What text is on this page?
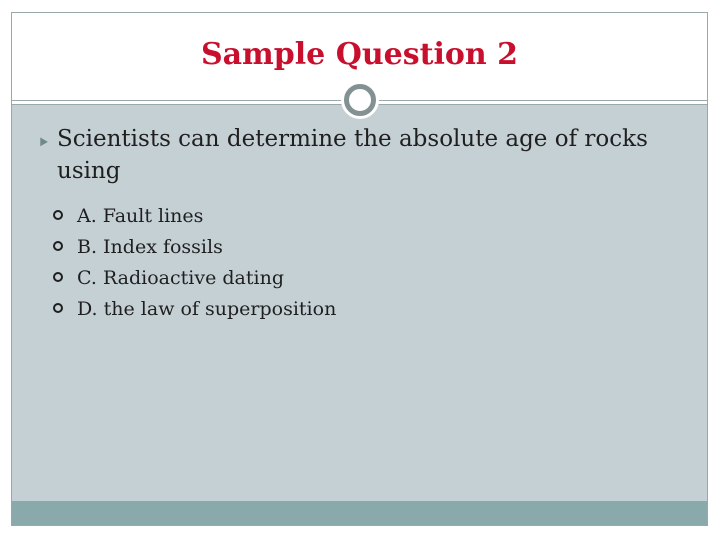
Sample Question 2
⯈ Scientists can determine the absolute age of rocks
using
A. Fault lines
B. Index fossils
C. Radioactive dating
D. the law of superposition
